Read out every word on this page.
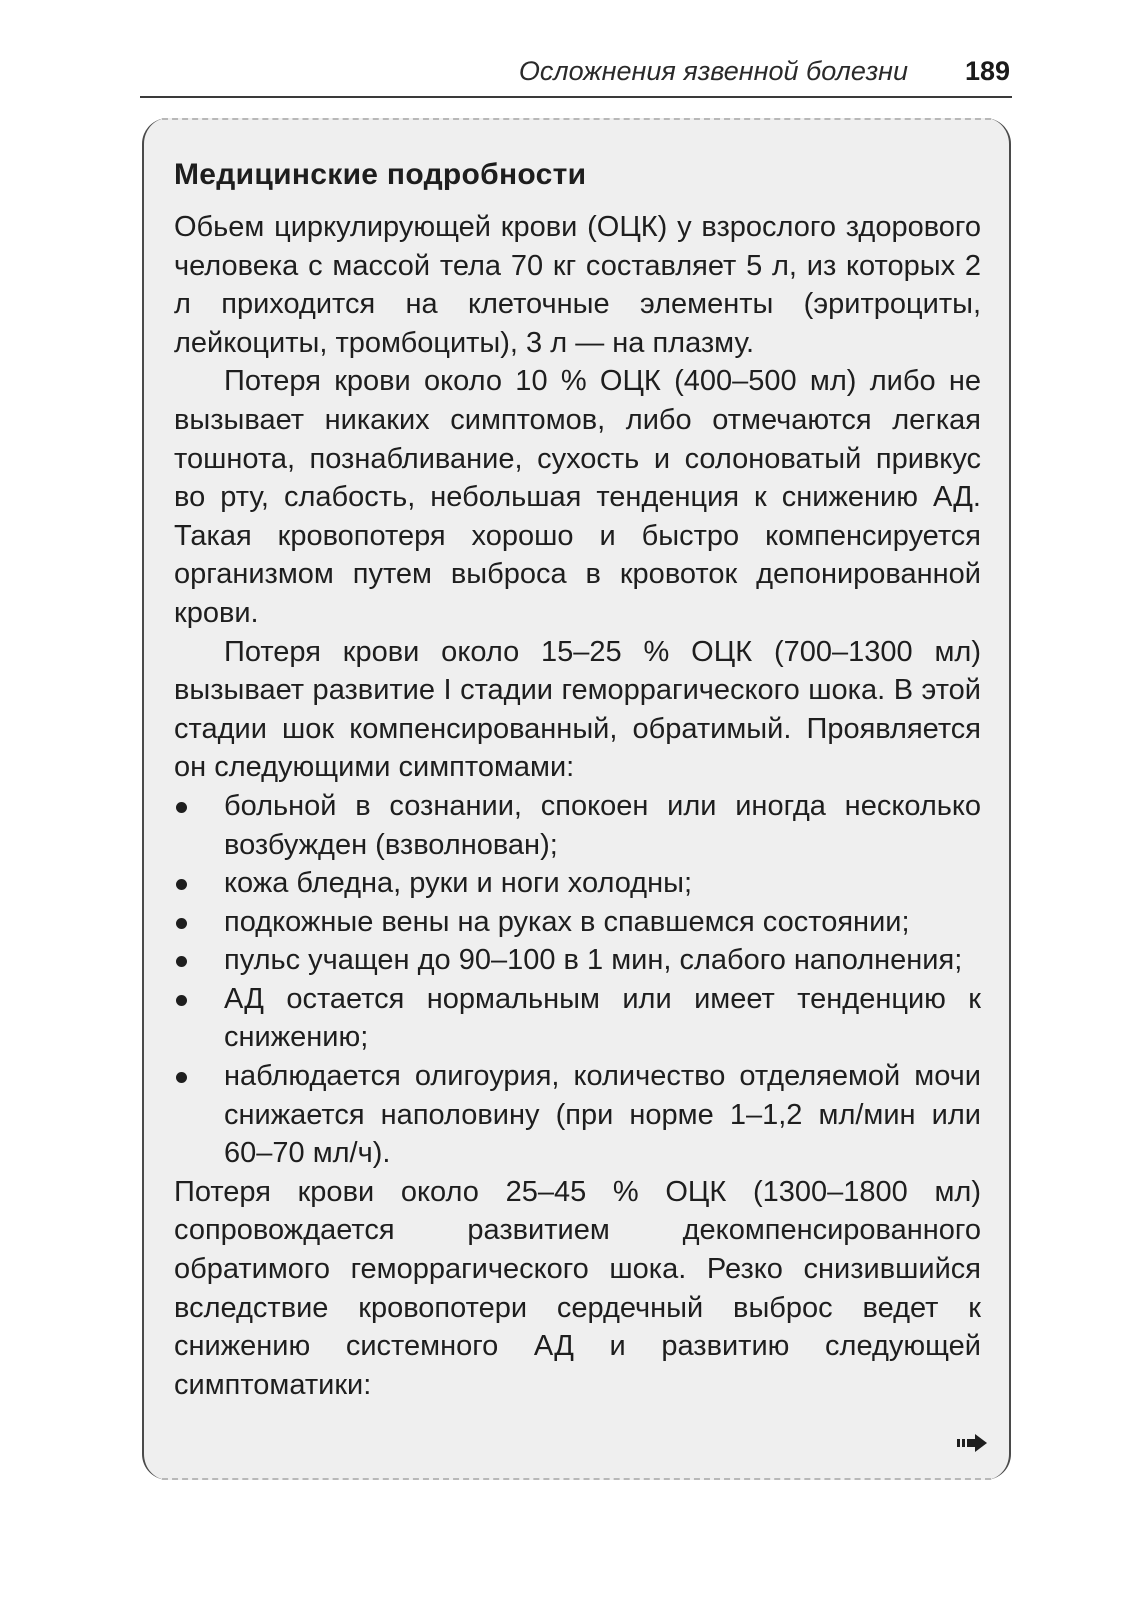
Осложнения язвенной болезни 189
Медицинские подробности

Обьем циркулирующей крови (ОЦК) у взрослого здорового человека с массой тела 70 кг составляет 5 л, из которых 2 л приходится на клеточные элементы (эритроциты, лейкоциты, тромбоциты), 3 л — на плазму.

Потеря крови около 10 % ОЦК (400–500 мл) либо не вызывает никаких симптомов, либо отмечаются легкая тошнота, познабливание, сухость и солоноватый привкус во рту, слабость, небольшая тенденция к снижению АД. Такая кровопотеря хорошо и быстро компенсируется организмом путем выброса в кровоток депонированной крови.

Потеря крови около 15–25 % ОЦК (700–1300 мл) вызывает развитие I стадии геморрагического шока. В этой стадии шок компенсированный, обратимый. Проявляется он следующими симптомами:

больной в сознании, спокоен или иногда несколько возбужден (взволнован);
кожа бледна, руки и ноги холодны;
подкожные вены на руках в спавшемся состоянии;
пульс учащен до 90–100 в 1 мин, слабого наполнения;
АД остается нормальным или имеет тенденцию к снижению;
наблюдается олигоурия, количество отделяемой мочи снижается наполовину (при норме 1–1,2 мл/мин или 60–70 мл/ч).

Потеря крови около 25–45 % ОЦК (1300–1800 мл) сопровождается развитием декомпенсированного обратимого геморрагического шока. Резко снизившийся вследствие кровопотери сердечный выброс ведет к снижению системного АД и развитию следующей симптоматики:
